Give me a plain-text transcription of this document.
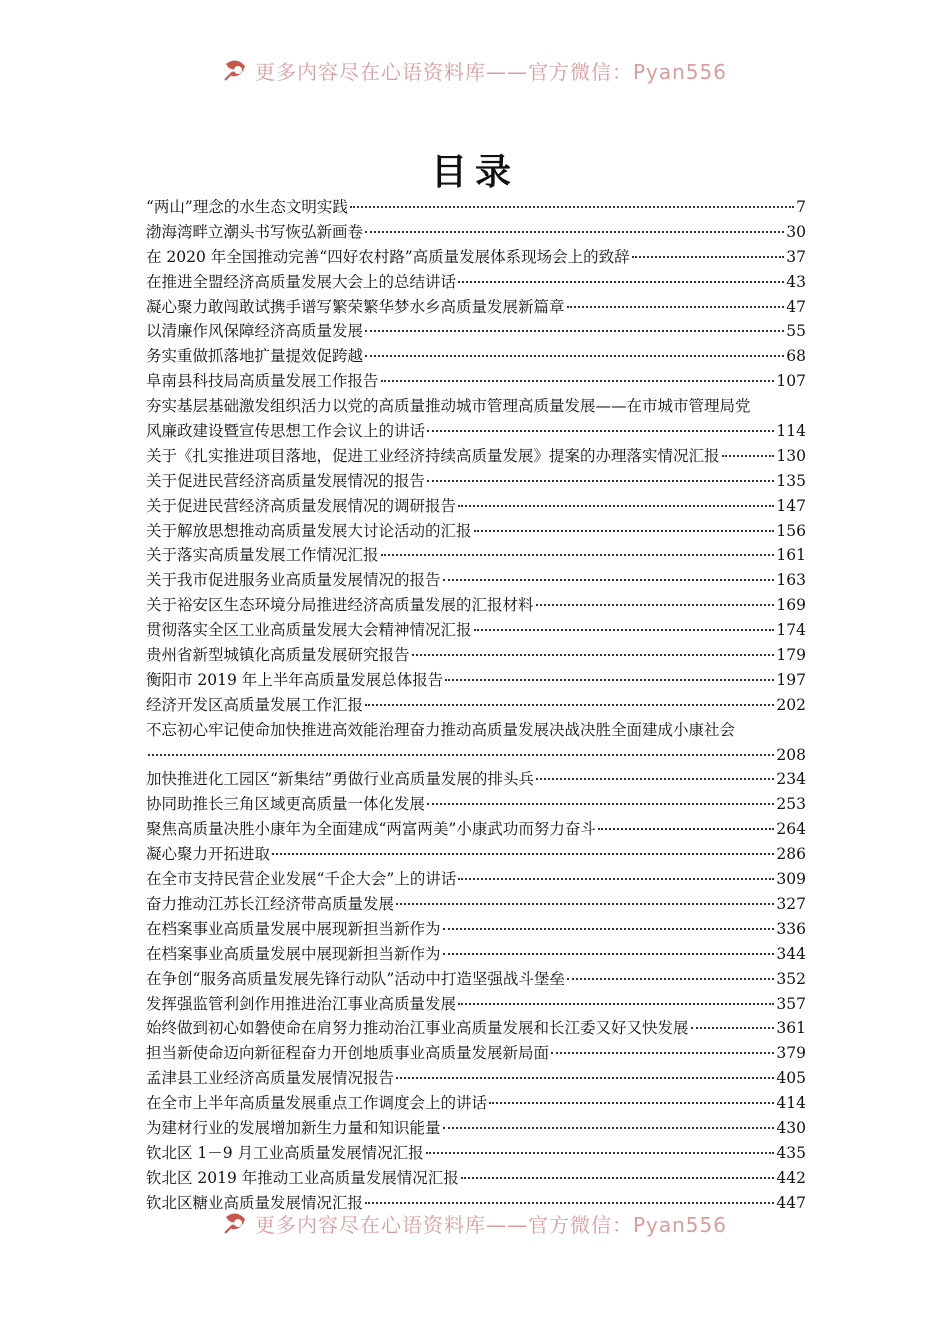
更多内容尽在心语资料库——官方微信：Pyan556
目录
“两山”理念的水生态文明实践	7
渤海湾畔立潮头书写恢弘新画卷	30
在 2020 年全国推动完善“四好农村路”高质量发展体系现场会上的致辞	37
在推进全盟经济高质量发展大会上的总结讲话	43
凝心聚力敢闯敢试携手谱写繁荣繁华梦水乡高质量发展新篇章	47
以清廉作风保障经济高质量发展	55
务实重做抓落地扩量提效促跨越	68
阜南县科技局高质量发展工作报告	107
夯实基层基础激发组织活力以党的高质量推动城市管理高质量发展——在市城市管理局党
风廉政建设暨宣传思想工作会议上的讲话	114
关于《扎实推进项目落地，促进工业经济持续高质量发展》提案的办理落实情况汇报	130
关于促进民营经济高质量发展情况的报告	135
关于促进民营经济高质量发展情况的调研报告	147
关于解放思想推动高质量发展大讨论活动的汇报	156
关于落实高质量发展工作情况汇报	161
关于我市促进服务业高质量发展情况的报告	163
关于裕安区生态环境分局推进经济高质量发展的汇报材料	169
贯彻落实全区工业高质量发展大会精神情况汇报	174
贵州省新型城镇化高质量发展研究报告	179
衡阳市 2019 年上半年高质量发展总体报告	197
经济开发区高质量发展工作汇报	202
不忘初心牢记使命加快推进高效能治理奋力推动高质量发展决战决胜全面建成小康社会
208
加快推进化工园区“新集结”勇做行业高质量发展的排头兵	234
协同助推长三角区域更高质量一体化发展	253
聚焦高质量决胜小康年为全面建成“两富两美”小康武功而努力奋斗	264
凝心聚力开拓进取	286
在全市支持民营企业发展“千企大会”上的讲话	309
奋力推动江苏长江经济带高质量发展	327
在档案事业高质量发展中展现新担当新作为	336
在档案事业高质量发展中展现新担当新作为	344
在争创“服务高质量发展先锋行动队”活动中打造坚强战斗堡垒	352
发挥强监管利剑作用推进治江事业高质量发展	357
始终做到初心如磐使命在肩努力推动治江事业高质量发展和长江委又好又快发展	361
担当新使命迈向新征程奋力开创地质事业高质量发展新局面	379
孟津县工业经济高质量发展情况报告	405
在全市上半年高质量发展重点工作调度会上的讲话	414
为建材行业的发展增加新生力量和知识能量	430
钦北区 1－9 月工业高质量发展情况汇报	435
钦北区 2019 年推动工业高质量发展情况汇报	442
钦北区糖业高质量发展情况汇报	447
更多内容尽在心语资料库——官方微信：Pyan556
